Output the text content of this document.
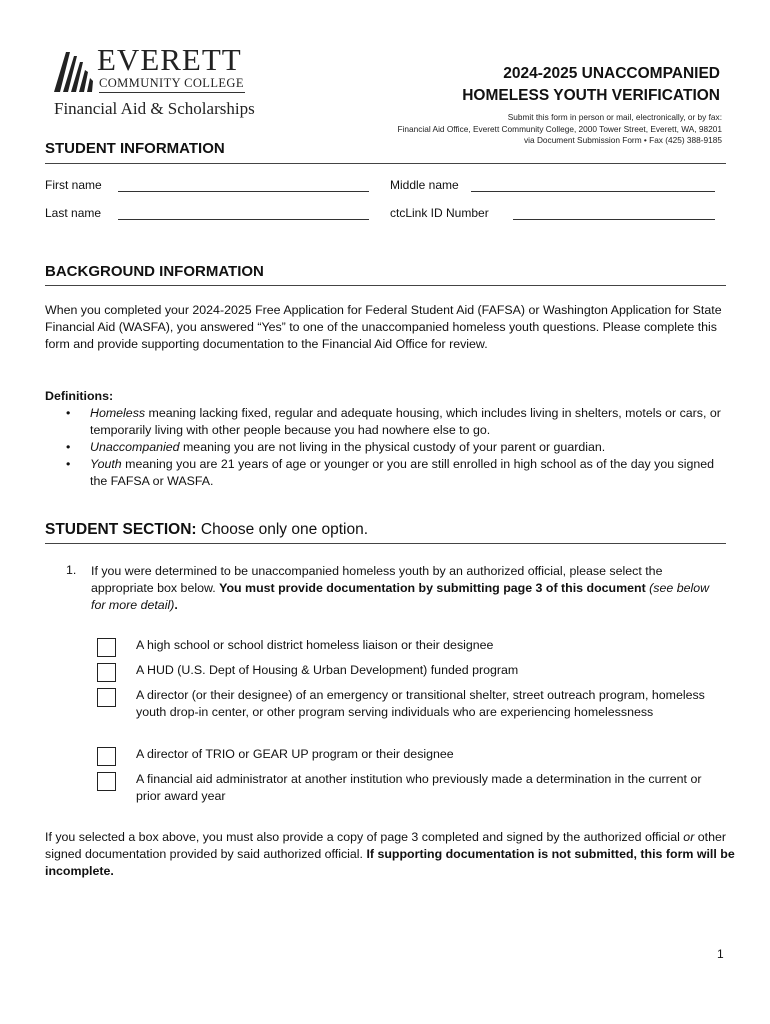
EVERETT
COMMUNITY COLLEGE
Financial Aid & Scholarships
2024-2025 UNACCOMPANIED
HOMELESS YOUTH VERIFICATION
Submit this form in person or mail, electronically, or by fax:
Financial Aid Office, Everett Community College, 2000 Tower Street, Everett, WA, 98201
via Document Submission Form • Fax (425) 388-9185
STUDENT INFORMATION
First name	Middle name
Last name	ctcLink ID Number
BACKGROUND INFORMATION
When you completed your 2024-2025 Free Application for Federal Student Aid (FAFSA) or Washington Application for State Financial Aid (WASFA), you answered “Yes” to one of the unaccompanied homeless youth questions. Please complete this form and provide supporting documentation to the Financial Aid Office for review.
Definitions:
• Homeless meaning lacking fixed, regular and adequate housing, which includes living in shelters, motels or cars, or temporarily living with other people because you had nowhere else to go.
• Unaccompanied meaning you are not living in the physical custody of your parent or guardian.
• Youth meaning you are 21 years of age or younger or you are still enrolled in high school as of the day you signed the FAFSA or WASFA.
STUDENT SECTION: Choose only one option.
1. If you were determined to be unaccompanied homeless youth by an authorized official, please select the appropriate box below. You must provide documentation by submitting page 3 of this document (see below for more detail).
A high school or school district homeless liaison or their designee
A HUD (U.S. Dept of Housing & Urban Development) funded program
A director (or their designee) of an emergency or transitional shelter, street outreach program, homeless youth drop-in center, or other program serving individuals who are experiencing homelessness
A director of TRIO or GEAR UP program or their designee
A financial aid administrator at another institution who previously made a determination in the current or prior award year
If you selected a box above, you must also provide a copy of page 3 completed and signed by the authorized official or other signed documentation provided by said authorized official. If supporting documentation is not submitted, this form will be incomplete.
1
